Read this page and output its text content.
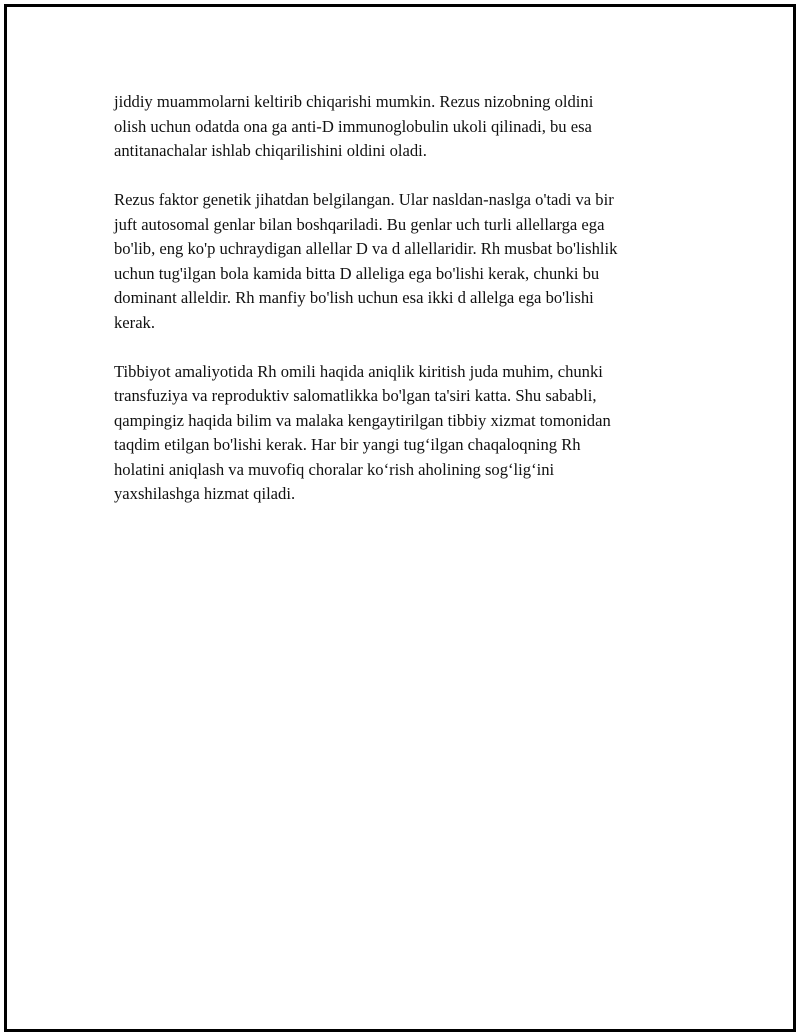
jiddiy muammolarni keltirib chiqarishi mumkin. Rezus nizobning oldini
olish uchun odatda ona ga anti-D immunoglobulin ukoli qilinadi, bu esa
antitanachalar ishlab chiqarilishini oldini oladi.

Rezus faktor genetik jihatdan belgilangan. Ular nasldan-naslga o'tadi va bir
juft autosomal genlar bilan boshqariladi. Bu genlar uch turli allellarga ega
bo'lib, eng ko'p uchraydigan allellar D va d allellaridir. Rh musbat bo'lishlik
uchun tug'ilgan bola kamida bitta D alleliga ega bo'lishi kerak, chunki bu
dominant alleldir. Rh manfiy bo'lish uchun esa ikki d allelga ega bo'lishi
kerak.

Tibbiyot amaliyotida Rh omili haqida aniqlik kiritish juda muhim, chunki
transfuziya va reproduktiv salomatlikka bo'lgan ta'siri katta. Shu sababli,
qampingiz haqida bilim va malaka kengaytirilgan tibbiy xizmat tomonidan
taqdim etilgan bo'lishi kerak. Har bir yangi tug‘ilgan chaqaloqning Rh
holatini aniqlash va muvofiq choralar ko‘rish aholining sog‘lig‘ini
yaxshilashga hizmat qiladi.
